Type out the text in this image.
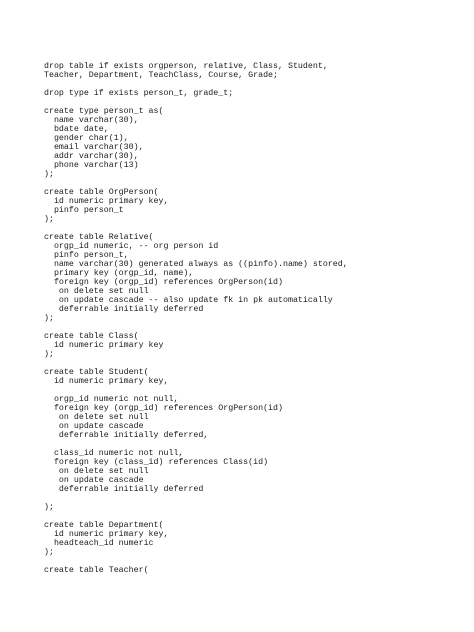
drop table if exists orgperson, relative, Class, Student,
Teacher, Department, TeachClass, Course, Grade;
drop type if exists person_t, grade_t;
create type person_t as(
name varchar(30),
bdate date,
gender char(1),
email varchar(30),
addr varchar(30),
phone varchar(13)
);
create table OrgPerson(
id numeric primary key,
pinfo person_t
);
create table Relative(
orgp_id numeric, -- org person id
pinfo person_t,
name varchar(30) generated always as ((pinfo).name) stored,
primary key (orgp_id, name),
foreign key (orgp_id) references OrgPerson(id)
on delete set null
on update cascade -- also update fk in pk automatically
deferrable initially deferred
);
create table Class(
id numeric primary key
);
create table Student(
id numeric primary key,
orgp_id numeric not null,
foreign key (orgp_id) references OrgPerson(id)
on delete set null
on update cascade
deferrable initially deferred,
class_id numeric not null,
foreign key (class_id) references Class(id)
on delete set null
on update cascade
deferrable initially deferred
);
create table Department(
id numeric primary key,
headteach_id numeric
);
create table Teacher(
